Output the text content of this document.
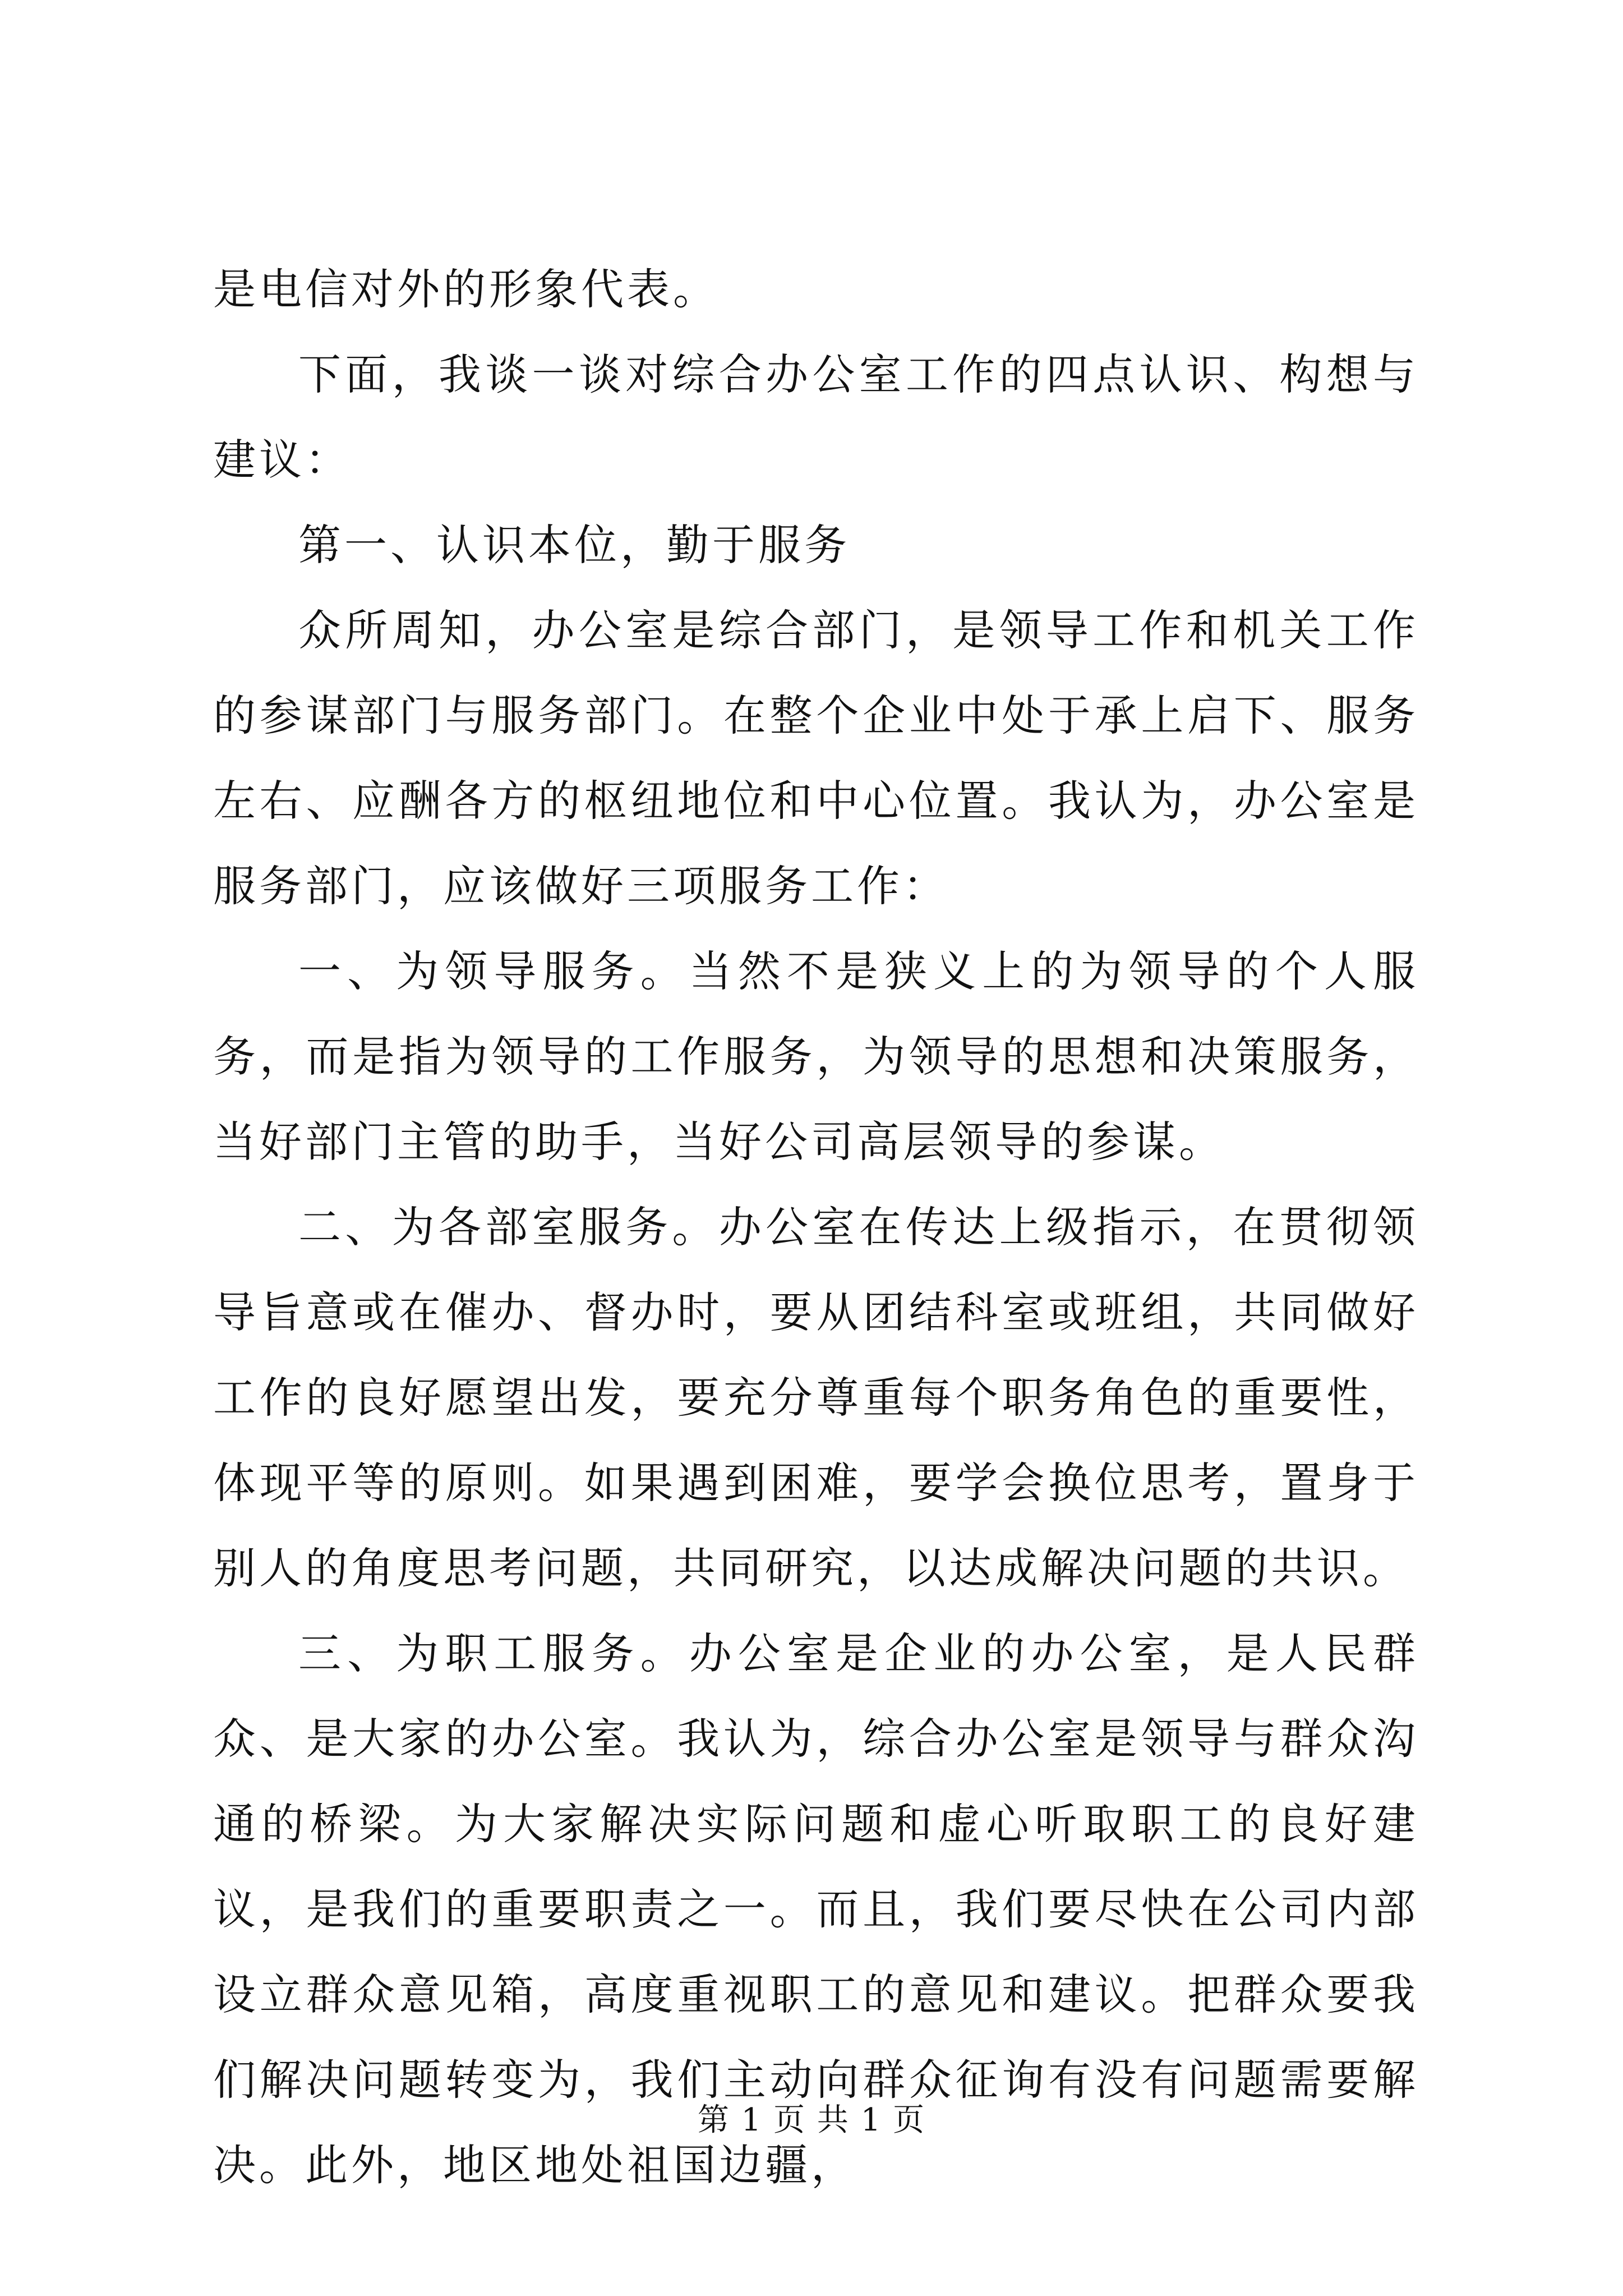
是电信对外的形象代表。

下面，我谈一谈对综合办公室工作的四点认识、构想与建议：

第一、认识本位，勤于服务

众所周知，办公室是综合部门，是领导工作和机关工作的参谋部门与服务部门。在整个企业中处于承上启下、服务左右、应酬各方的枢纽地位和中心位置。我认为，办公室是服务部门，应该做好三项服务工作：

一、为领导服务。当然不是狭义上的为领导的个人服务，而是指为领导的工作服务，为领导的思想和决策服务，当好部门主管的助手，当好公司高层领导的参谋。

二、为各部室服务。办公室在传达上级指示，在贯彻领导旨意或在催办、督办时，要从团结科室或班组，共同做好工作的良好愿望出发，要充分尊重每个职务角色的重要性，体现平等的原则。如果遇到困难，要学会换位思考，置身于别人的角度思考问题，共同研究，以达成解决问题的共识。

三、为职工服务。办公室是企业的办公室，是人民群众、是大家的办公室。我认为，综合办公室是领导与群众沟通的桥梁。为大家解决实际问题和虚心听取职工的良好建议，是我们的重要职责之一。而且，我们要尽快在公司内部设立群众意见箱，高度重视职工的意见和建议。把群众要我们解决问题转变为，我们主动向群众征询有没有问题需要解决。此外，地区地处祖国边疆，

第 1 页 共 1 页
